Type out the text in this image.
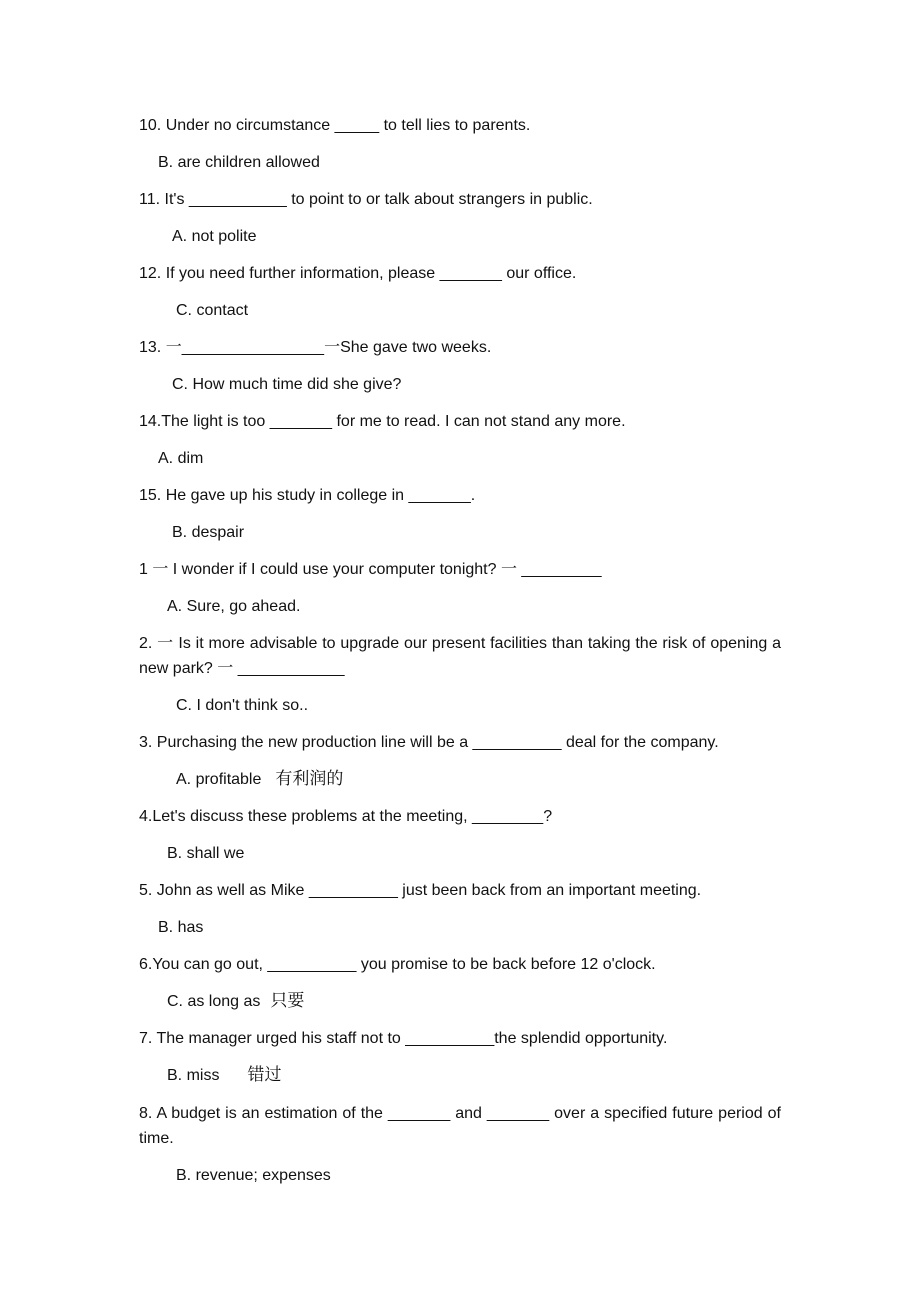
10. Under no circumstance _____ to tell lies to parents.
B. are children allowed
11. It's ___________ to point to or talk about strangers in public.
A. not polite
12. If you need further information, please _______ our office.
C. contact
13. 一________________一She gave two weeks.
C. How much time did she give?
14.The light is too _______ for me to read. I can not stand any more.
A. dim
15. He gave up his study in college in _______.
B. despair
1 一 I wonder if I could use your computer tonight? 一 _________
A. Sure, go ahead.
2. 一 Is it more advisable to upgrade our present facilities than taking the risk of opening a new park? 一 ____________
C. I don't think so..
3. Purchasing the new production line will be a __________ deal for the company.
A. profitable 有利润的
4.Let's discuss these problems at the meeting, ________?
B. shall we
5. John as well as Mike __________ just been back from an important meeting.
B. has
6.You can go out, __________ you promise to be back before 12 o'clock.
C. as long as 只要
7. The manager urged his staff not to __________the splendid opportunity.
B. miss 错过
8. A budget is an estimation of the _______ and _______ over a specified future period of time.
B. revenue; expenses
